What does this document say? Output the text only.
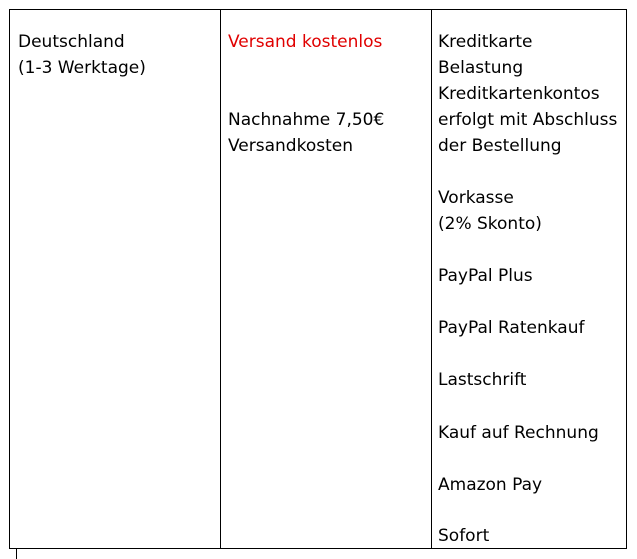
Deutschland
(1-3 Werktage)
Versand kostenlos
Nachnahme 7,50€
Versandkosten
Kreditkarte
Belastung
Kreditkartenkontos
erfolgt mit Abschluss
der Bestellung
Vorkasse
(2% Skonto)
PayPal Plus
PayPal Ratenkauf
Lastschrift
Kauf auf Rechnung
Amazon Pay
Sofort
